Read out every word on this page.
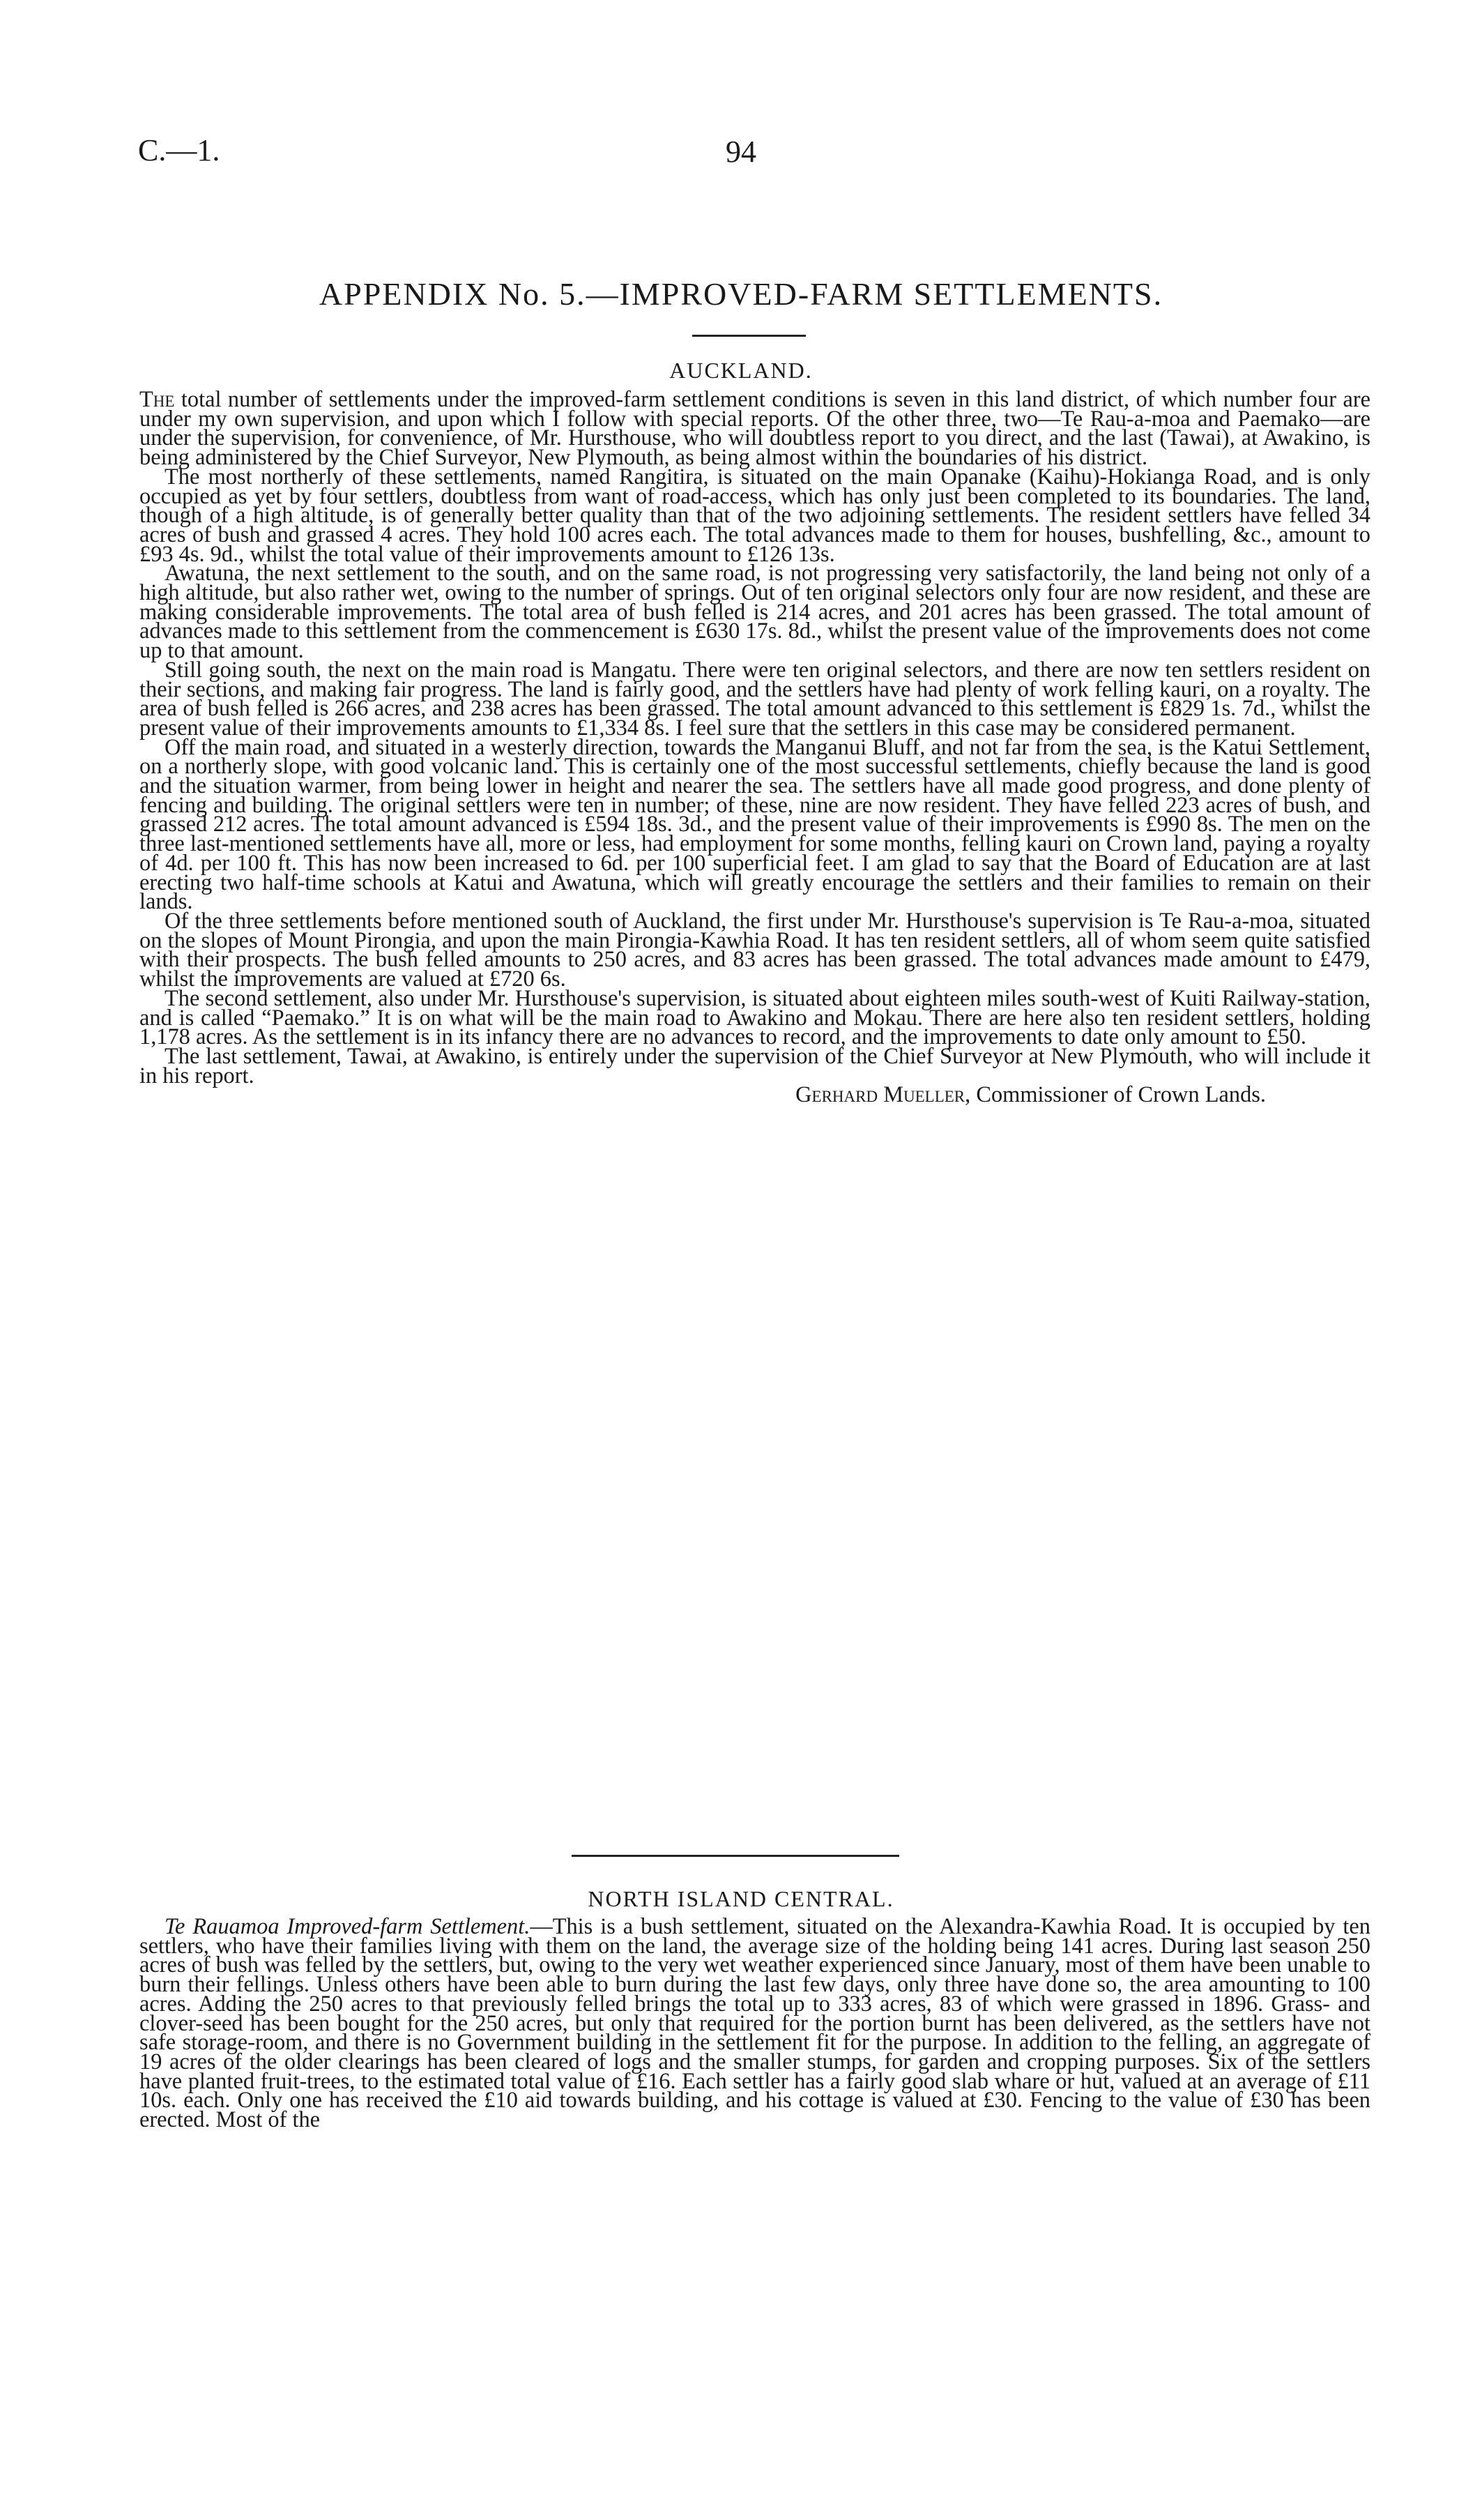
C.—1.	94
APPENDIX No. 5.—IMPROVED-FARM SETTLEMENTS.
AUCKLAND.

The total number of settlements under the improved-farm settlement conditions is seven in this land district, of which number four are under my own supervision, and upon which I follow with special reports. Of the other three, two—Te Rau-a-moa and Paemako—are under the supervision, for convenience, of Mr. Hursthouse, who will doubtless report to you direct, and the last (Tawai), at Awakino, is being administered by the Chief Surveyor, New Plymouth, as being almost within the boundaries of his district.

The most northerly of these settlements, named Rangitira, is situated on the main Opanake (Kaihu)-Hokianga Road, and is only occupied as yet by four settlers, doubtless from want of road-access, which has only just been completed to its boundaries. The land, though of a high altitude, is of generally better quality than that of the two adjoining settlements. The resident settlers have felled 34 acres of bush and grassed 4 acres. They hold 100 acres each. The total advances made to them for houses, bushfelling, &c., amount to £93 4s. 9d., whilst the total value of their improvements amount to £126 13s.

Awatuna, the next settlement to the south, and on the same road, is not progressing very satisfactorily, the land being not only of a high altitude, but also rather wet, owing to the number of springs. Out of ten original selectors only four are now resident, and these are making considerable improvements. The total area of bush felled is 214 acres, and 201 acres has been grassed. The total amount of advances made to this settlement from the commencement is £630 17s. 8d., whilst the present value of the improvements does not come up to that amount.

Still going south, the next on the main road is Mangatu. There were ten original selectors, and there are now ten settlers resident on their sections, and making fair progress. The land is fairly good, and the settlers have had plenty of work felling kauri, on a royalty. The area of bush felled is 266 acres, and 238 acres has been grassed. The total amount advanced to this settlement is £829 1s. 7d., whilst the present value of their improvements amounts to £1,334 8s. I feel sure that the settlers in this case may be considered permanent.

Off the main road, and situated in a westerly direction, towards the Manganui Bluff, and not far from the sea, is the Katui Settlement, on a northerly slope, with good volcanic land. This is certainly one of the most successful settlements, chiefly because the land is good and the situation warmer, from being lower in height and nearer the sea. The settlers have all made good progress, and done plenty of fencing and building. The original settlers were ten in number; of these, nine are now resident. They have felled 223 acres of bush, and grassed 212 acres. The total amount advanced is £594 18s. 3d., and the present value of their improvements is £990 8s. The men on the three last-mentioned settlements have all, more or less, had employment for some months, felling kauri on Crown land, paying a royalty of 4d. per 100 ft. This has now been increased to 6d. per 100 superficial feet. I am glad to say that the Board of Education are at last erecting two half-time schools at Katui and Awatuna, which will greatly encourage the settlers and their families to remain on their lands.

Of the three settlements before mentioned south of Auckland, the first under Mr. Hursthouse's supervision is Te Rau-a-moa, situated on the slopes of Mount Pirongia, and upon the main Pirongia-Kawhia Road. It has ten resident settlers, all of whom seem quite satisfied with their prospects. The bush felled amounts to 250 acres, and 83 acres has been grassed. The total advances made amount to £479, whilst the improvements are valued at £720 6s.

The second settlement, also under Mr. Hursthouse's supervision, is situated about eighteen miles south-west of Kuiti Railway-station, and is called “Paemako.” It is on what will be the main road to Awakino and Mokau. There are here also ten resident settlers, holding 1,178 acres. As the settlement is in its infancy there are no advances to record, and the improvements to date only amount to £50.

The last settlement, Tawai, at Awakino, is entirely under the supervision of the Chief Surveyor at New Plymouth, who will include it in his report.

Gerhard Mueller, Commissioner of Crown Lands.

NORTH ISLAND CENTRAL.

Te Rauamoa Improved-farm Settlement.—This is a bush settlement, situated on the Alexandra-Kawhia Road. It is occupied by ten settlers, who have their families living with them on the land, the average size of the holding being 141 acres. During last season 250 acres of bush was felled by the settlers, but, owing to the very wet weather experienced since January, most of them have been unable to burn their fellings. Unless others have been able to burn during the last few days, only three have done so, the area amounting to 100 acres. Adding the 250 acres to that previously felled brings the total up to 333 acres, 83 of which were grassed in 1896. Grass- and clover-seed has been bought for the 250 acres, but only that required for the portion burnt has been delivered, as the settlers have not safe storage-room, and there is no Government building in the settlement fit for the purpose. In addition to the felling, an aggregate of 19 acres of the older clearings has been cleared of logs and the smaller stumps, for garden and cropping purposes. Six of the settlers have planted fruit-trees, to the estimated total value of £16. Each settler has a fairly good slab whare or hut, valued at an average of £11 10s. each. Only one has received the £10 aid towards building, and his cottage is valued at £30. Fencing to the value of £30 has been erected. Most of the
